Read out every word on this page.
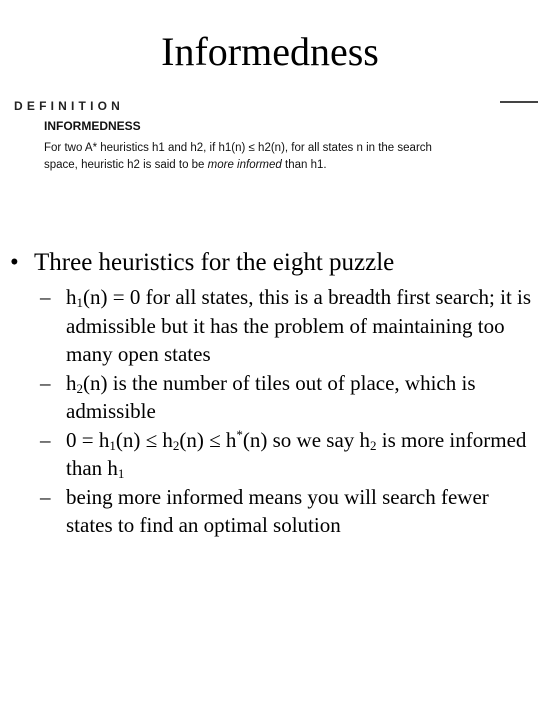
Informedness
DEFINITION
INFORMEDNESS
For two A* heuristics h1 and h2, if h1(n) ≤ h2(n), for all states n in the search
space, heuristic h2 is said to be more informed than h1.
• Three heuristics for the eight puzzle
– $h_1(n) = 0$ for all states, this is a breadth first search; it is admissible but it has the problem of maintaining too many open states
– $h_2(n)$ is the number of tiles out of place, which is admissible
– $0 = h_1(n) \le h_2(n) \le h^*(n)$ so we say $h_2$ is more informed than $h_1$
– being more informed means you will search fewer states to find an optimal solution
